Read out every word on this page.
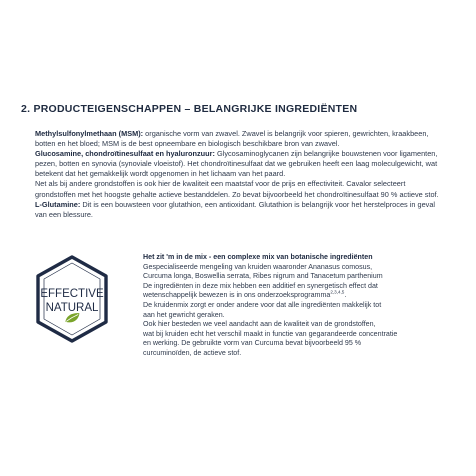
2. PRODUCTEIGENSCHAPPEN – BELANGRIJKE INGREDIËNTEN

Methylsulfonylmethaan (MSM): organische vorm van zwavel. Zwavel is belangrijk voor spieren, gewrichten, kraakbeen, botten en het bloed; MSM is de best opneembare en biologisch beschikbare bron van zwavel.

Glucosamine, chondroïtinesulfaat en hyaluronzuur: Glycosaminoglycanen zijn belangrijke bouwstenen voor ligamenten, pezen, botten en synovia (synoviale vloeistof). Het chondroïtinesulfaat dat we gebruiken heeft een laag moleculgewicht, wat betekent dat het gemakkelijk wordt opgenomen in het lichaam van het paard.

Net als bij andere grondstoffen is ook hier de kwaliteit een maatstaf voor de prijs en effectiviteit. Cavalor selecteert grondstoffen met het hoogste gehalte actieve bestanddelen. Zo bevat bijvoorbeeld het chondroïtinesulfaat 90 % actieve stof.

L-Glutamine: Dit is een bouwsteen voor glutathion, een antioxidant. Glutathion is belangrijk voor het herstelproces in geval van een blessure.

EFFECTIVE
NATURAL

Het zit 'm in de mix - een complexe mix van botanische ingrediënten

Gespecialiseerde mengeling van kruiden waaronder Ananasus comosus,

Curcuma longa, Boswellia serrata, Ribes nigrum and Tanacetum parthenium

De ingrediënten in deze mix hebben een additief en synergetisch effect dat

wetenschappelijk bewezen is in ons onderzoeksprogramma$^{2,3,4,5}$.

De kruidenmix zorgt er onder andere voor dat alle ingrediënten makkelijk tot

aan het gewricht geraken.

Ook hier besteden we veel aandacht aan de kwaliteit van de grondstoffen,

wat bij kruiden echt het verschil maakt in functie van gegarandeerde concentratie

en werking. De gebruikte vorm van Curcuma bevat bijvoorbeeld 95 %

curcuminoïden, de actieve stof.
